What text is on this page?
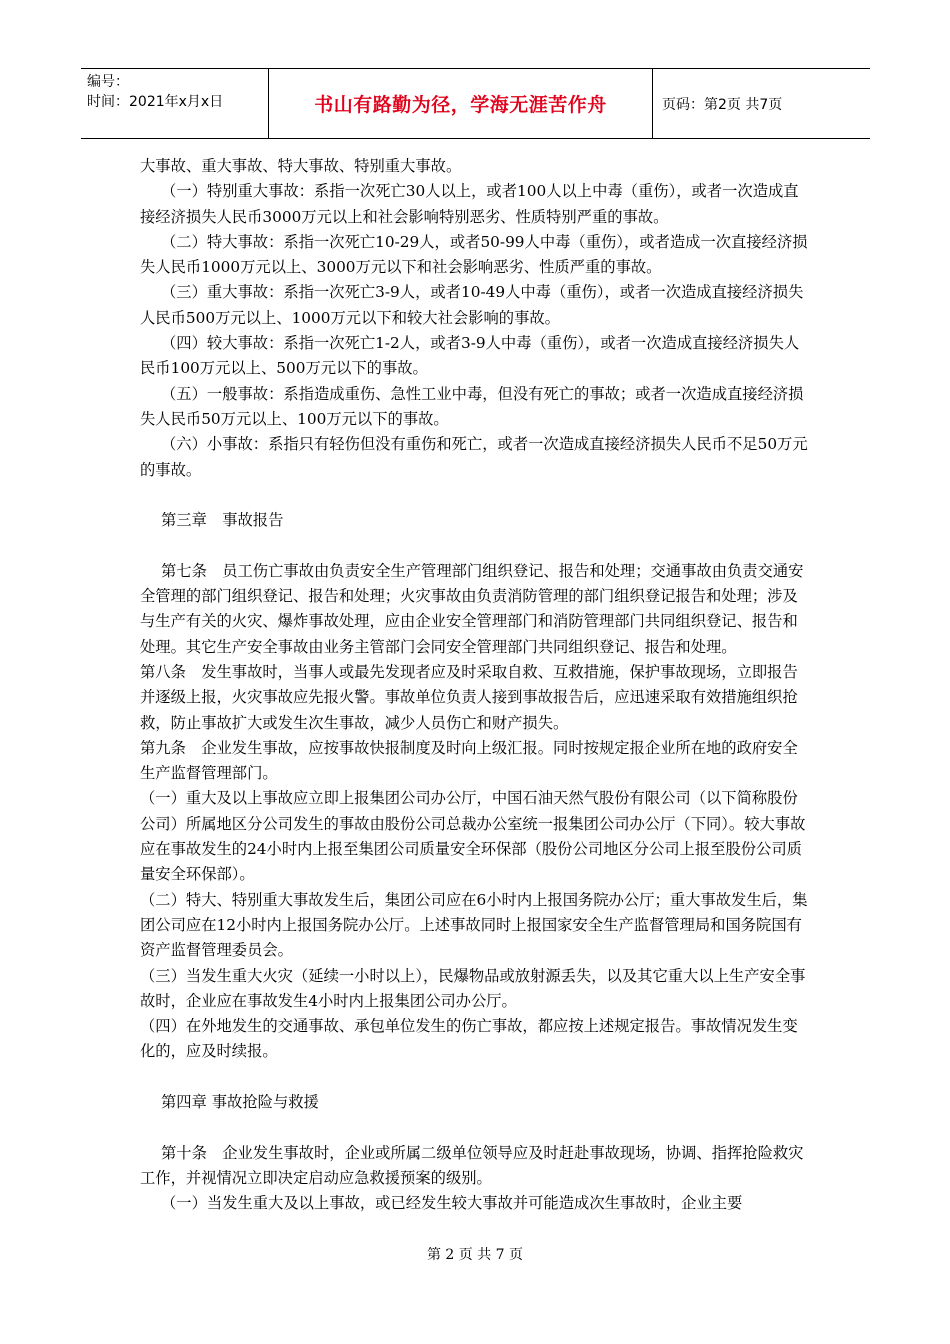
编号：
时间：2021年x月x日	书山有路勤为径，学海无涯苦作舟	页码：第2页 共7页

大事故、重大事故、特大事故、特别重大事故。

（一）特别重大事故：系指一次死亡30人以上，或者100人以上中毒（重伤），或者一次造成直接经济损失人民币3000万元以上和社会影响特别恶劣、性质特别严重的事故。

（二）特大事故：系指一次死亡10-29人，或者50-99人中毒（重伤），或者造成一次直接经济损失人民币1000万元以上、3000万元以下和社会影响恶劣、性质严重的事故。

（三）重大事故：系指一次死亡3-9人，或者10-49人中毒（重伤），或者一次造成直接经济损失人民币500万元以上、1000万元以下和较大社会影响的事故。

（四）较大事故：系指一次死亡1-2人，或者3-9人中毒（重伤），或者一次造成直接经济损失人民币100万元以上、500万元以下的事故。

（五）一般事故：系指造成重伤、急性工业中毒，但没有死亡的事故；或者一次造成直接经济损失人民币50万元以上、100万元以下的事故。

（六）小事故：系指只有轻伤但没有重伤和死亡，或者一次造成直接经济损失人民币不足50万元的事故。

第三章　事故报告

第七条　员工伤亡事故由负责安全生产管理部门组织登记、报告和处理；交通事故由负责交通安全管理的部门组织登记、报告和处理；火灾事故由负责消防管理的部门组织登记报告和处理；涉及与生产有关的火灾、爆炸事故处理，应由企业安全管理部门和消防管理部门共同组织登记、报告和处理。其它生产安全事故由业务主管部门会同安全管理部门共同组织登记、报告和处理。

第八条　发生事故时，当事人或最先发现者应及时采取自救、互救措施，保护事故现场，立即报告并逐级上报，火灾事故应先报火警。事故单位负责人接到事故报告后，应迅速采取有效措施组织抢救，防止事故扩大或发生次生事故，减少人员伤亡和财产损失。

第九条　企业发生事故，应按事故快报制度及时向上级汇报。同时按规定报企业所在地的政府安全生产监督管理部门。

（一）重大及以上事故应立即上报集团公司办公厅，中国石油天然气股份有限公司（以下简称股份公司）所属地区分公司发生的事故由股份公司总裁办公室统一报集团公司办公厅（下同）。较大事故应在事故发生的24小时内上报至集团公司质量安全环保部（股份公司地区分公司上报至股份公司质量安全环保部）。

（二）特大、特别重大事故发生后，集团公司应在6小时内上报国务院办公厅；重大事故发生后，集团公司应在12小时内上报国务院办公厅。上述事故同时上报国家安全生产监督管理局和国务院国有资产监督管理委员会。

（三）当发生重大火灾（延续一小时以上），民爆物品或放射源丢失，以及其它重大以上生产安全事故时，企业应在事故发生4小时内上报集团公司办公厅。

（四）在外地发生的交通事故、承包单位发生的伤亡事故，都应按上述规定报告。事故情况发生变化的，应及时续报。

第四章 事故抢险与救援

第十条　企业发生事故时，企业或所属二级单位领导应及时赶赴事故现场，协调、指挥抢险救灾工作，并视情况立即决定启动应急救援预案的级别。

（一）当发生重大及以上事故，或已经发生较大事故并可能造成次生事故时，企业主要

第 2 页 共 7 页
